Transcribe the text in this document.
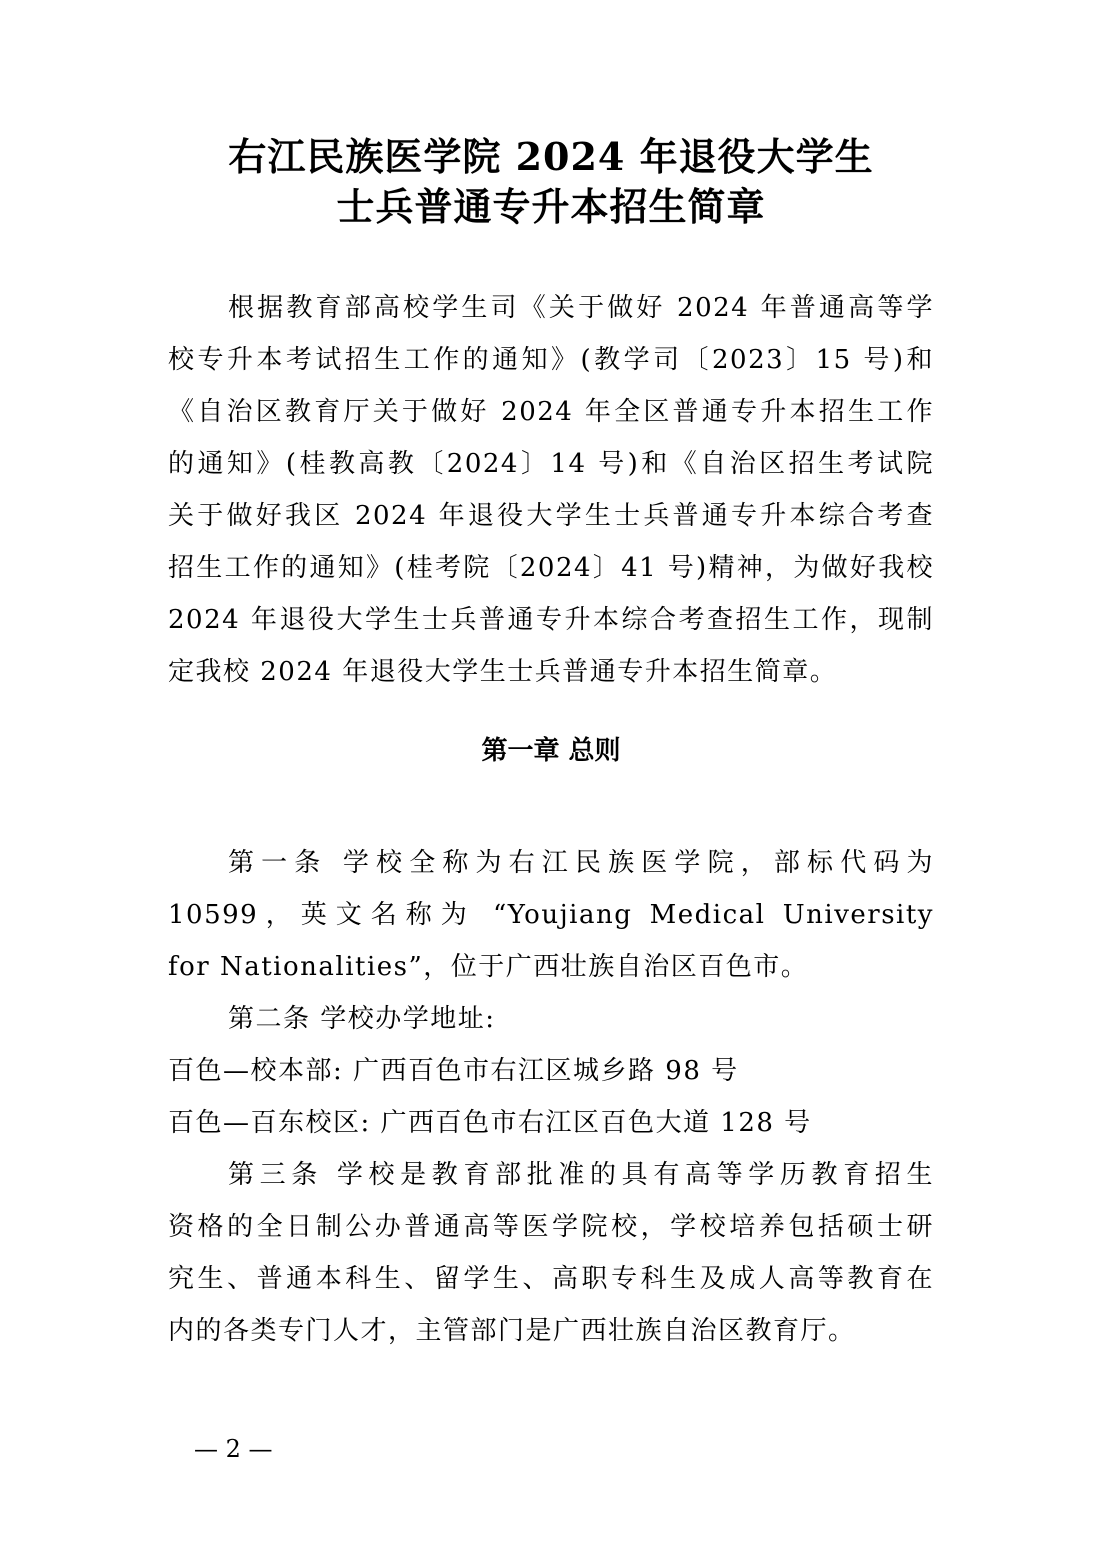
右江民族医学院 2024 年退役大学生
士兵普通专升本招生简章
根据教育部高校学生司《关于做好 2024 年普通高等学
校专升本考试招生工作的通知》(教学司〔2023〕15 号)和
《自治区教育厅关于做好 2024 年全区普通专升本招生工作
的通知》(桂教高教〔2024〕14 号)和《自治区招生考试院
关于做好我区 2024 年退役大学生士兵普通专升本综合考查
招生工作的通知》(桂考院〔2024〕41 号)精神，为做好我校
2024 年退役大学生士兵普通专升本综合考查招生工作，现制
定我校 2024 年退役大学生士兵普通专升本招生简章。
第一章 总则
第一条 学校全称为右江民族医学院，部标代码为
10599，英文名称为 “Youjiang Medical University
for Nationalities”，位于广西壮族自治区百色市。
第二条 学校办学地址:
百色—校本部: 广西百色市右江区城乡路 98 号
百色—百东校区: 广西百色市右江区百色大道 128 号
第三条 学校是教育部批准的具有高等学历教育招生
资格的全日制公办普通高等医学院校，学校培养包括硕士研
究生、普通本科生、留学生、高职专科生及成人高等教育在
内的各类专门人才，主管部门是广西壮族自治区教育厅。
— 2 —
